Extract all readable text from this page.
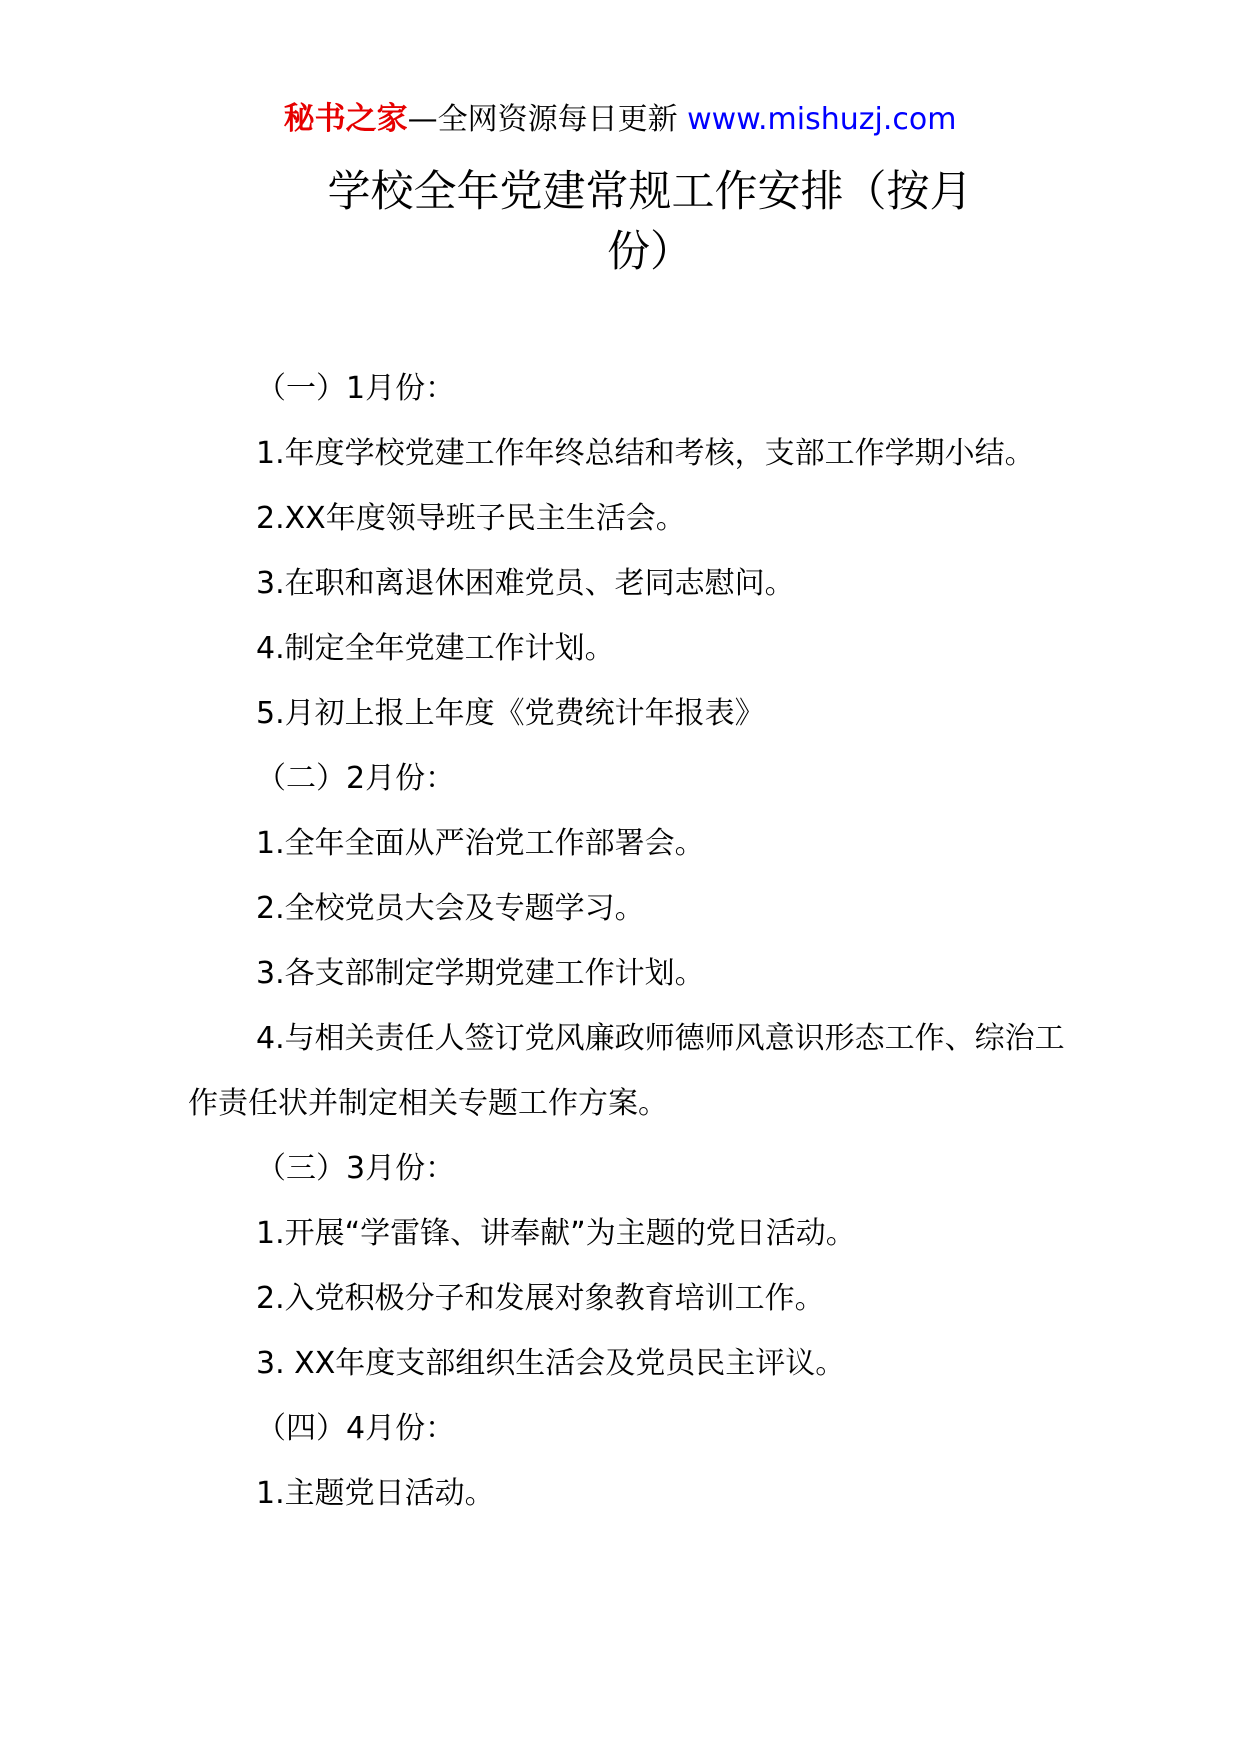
秘书之家—全网资源每日更新 www.mishuzj.com
学校全年党建常规工作安排（按月
份）

（一）1月份：

1.年度学校党建工作年终总结和考核，支部工作学期小结。

2.XX年度领导班子民主生活会。

3.在职和离退休困难党员、老同志慰问。

4.制定全年党建工作计划。

5.月初上报上年度《党费统计年报表》

（二）2月份：

1.全年全面从严治党工作部署会。

2.全校党员大会及专题学习。

3.各支部制定学期党建工作计划。

4.与相关责任人签订党风廉政师德师风意识形态工作、综治工作责任状并制定相关专题工作方案。

（三）3月份：

1.开展“学雷锋、讲奉献”为主题的党日活动。

2.入党积极分子和发展对象教育培训工作。

3. XX年度支部组织生活会及党员民主评议。

（四）4月份：

1.主题党日活动。
